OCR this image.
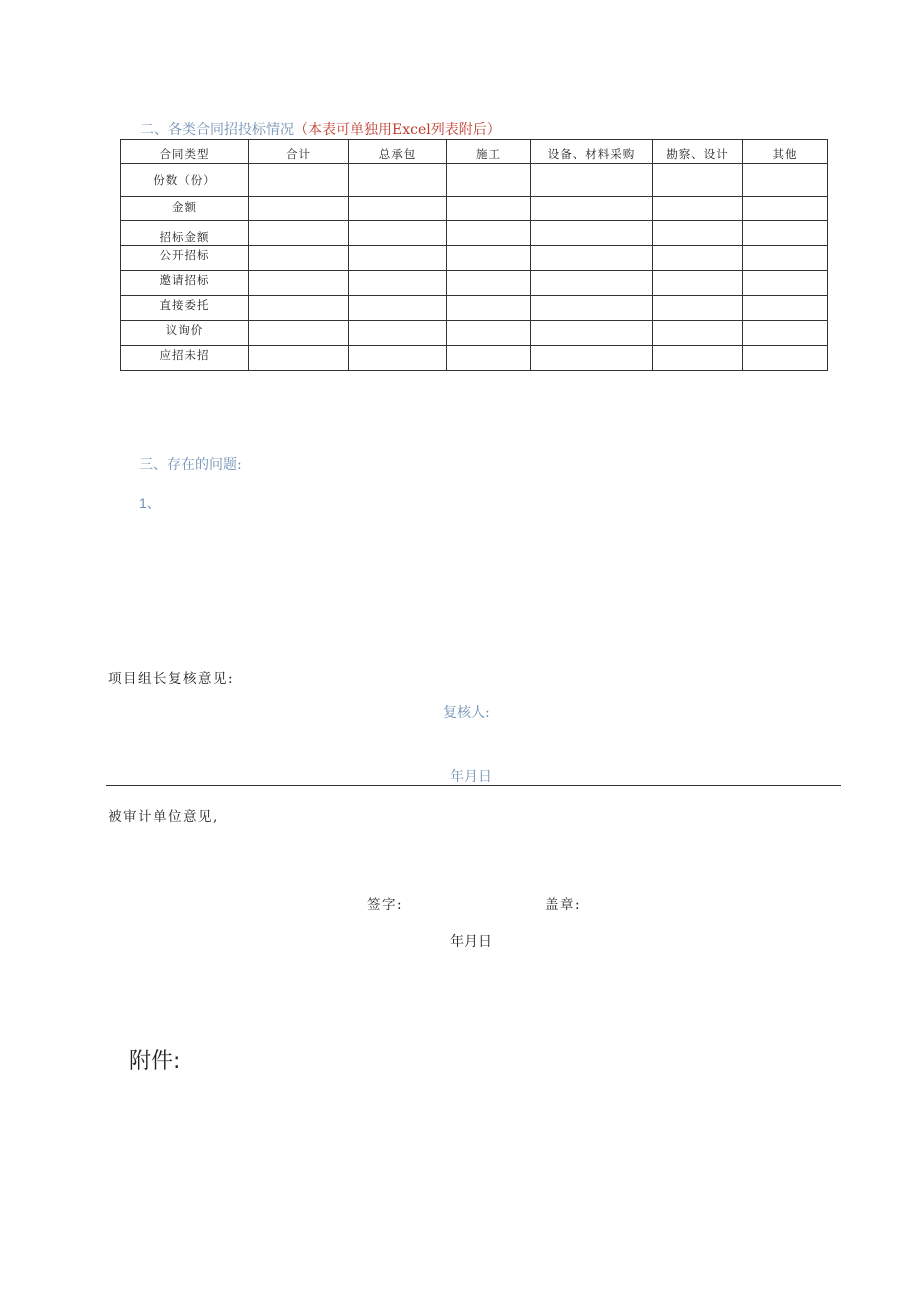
二、各类合同招投标情况（本表可单独用Excel列表附后）
合同类型	合计	总承包	施工	设备、材料采购	勘察、设计	其他
份数（份）						
金额						
招标金额						
公开招标						
邀请招标						
直接委托						
议询价						
应招未招						
三、存在的问题:
1、
项目组长复核意见:
复核人:
年月日
被审计单位意见,
签字:	盖章:
年月日
附件:
